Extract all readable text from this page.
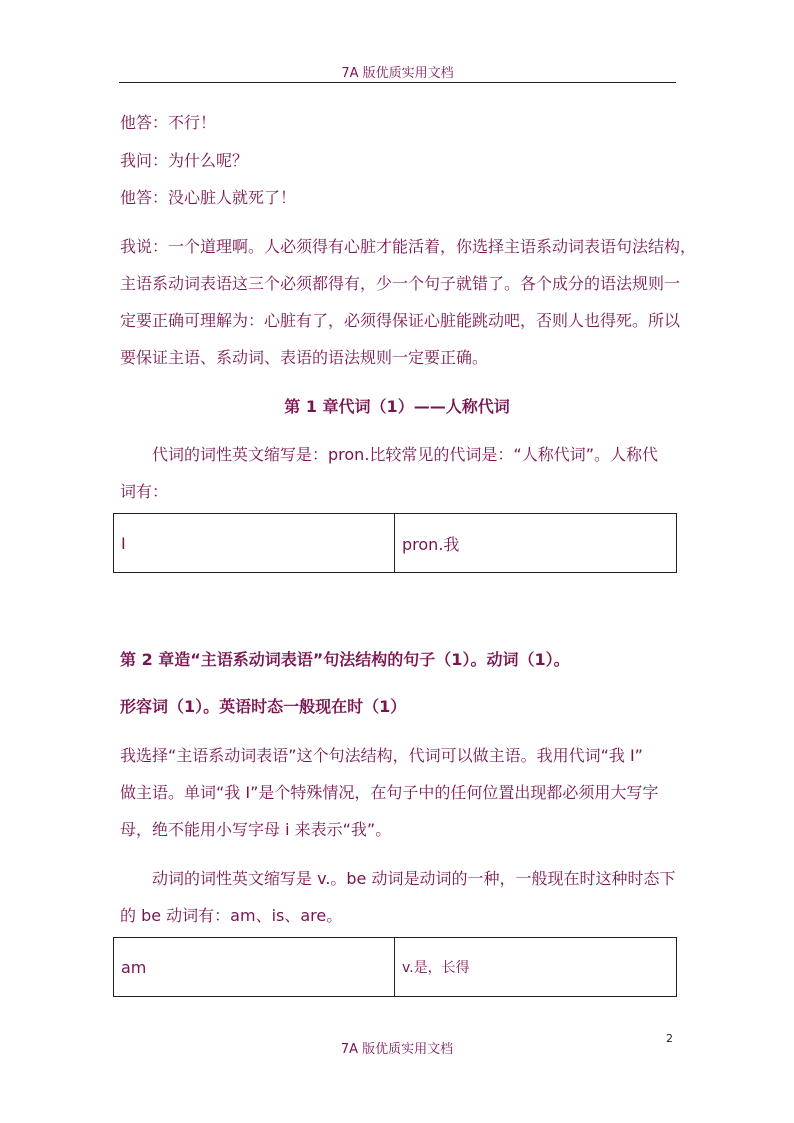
7A 版优质实用文档
他答：不行！
我问：为什么呢？
他答：没心脏人就死了！
我说：一个道理啊。人必须得有心脏才能活着，你选择主语系动词表语句法结构，
主语系动词表语这三个必须都得有，少一个句子就错了。各个成分的语法规则一
定要正确可理解为：心脏有了，必须得保证心脏能跳动吧，否则人也得死。所以
要保证主语、系动词、表语的语法规则一定要正确。
第 1 章代词（1）——人称代词
代词的词性英文缩写是：pron.比较常见的代词是：“人称代词”。人称代
词有：
I	pron.我
第 2 章造“主语系动词表语”句法结构的句子（1）。动词（1）。
形容词（1）。英语时态一般现在时（1）
我选择“主语系动词表语”这个句法结构，代词可以做主语。我用代词“我 I”
做主语。单词“我 I”是个特殊情况，在句子中的任何位置出现都必须用大写字
母，绝不能用小写字母 i 来表示“我”。
动词的词性英文缩写是 v.。be 动词是动词的一种，一般现在时这种时态下
的 be 动词有：am、is、are。
am	v.是，长得
2
7A 版优质实用文档
